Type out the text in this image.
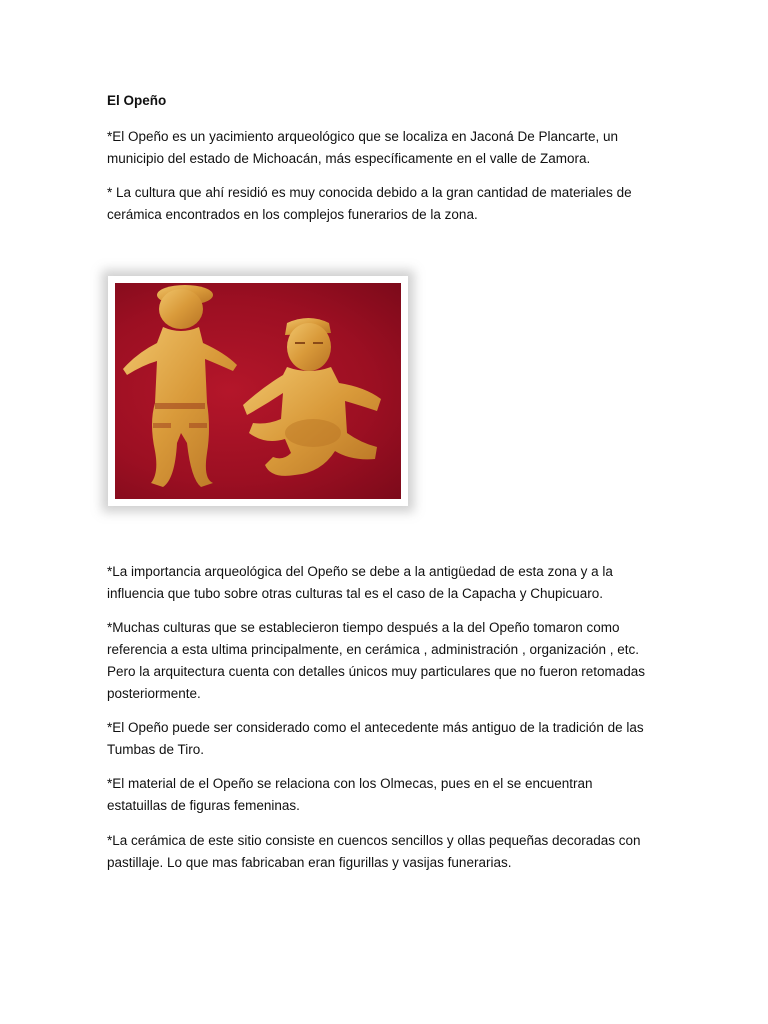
El Opeño
*El Opeño es un yacimiento arqueológico que se localiza en Jaconá De Plancarte, un
municipio del estado de Michoacán, más específicamente en el valle de Zamora.
* La cultura que ahí residió es muy conocida debido a la gran cantidad de materiales de
cerámica encontrados en los complejos funerarios de la zona.
*La importancia arqueológica del Opeño se debe a la antigüedad de esta zona y a la
influencia que tubo sobre otras culturas tal es el caso de la Capacha y Chupicuaro.
*Muchas culturas que se establecieron tiempo después a la del Opeño tomaron como
referencia a esta ultima principalmente, en cerámica , administración , organización , etc.
Pero la arquitectura cuenta con detalles únicos muy particulares que no fueron retomadas
posteriormente.
*El Opeño puede ser considerado como el antecedente más antiguo de la tradición de las
Tumbas de Tiro.
*El material de el Opeño se relaciona con los Olmecas, pues en el se encuentran
estatuillas de figuras femeninas.
*La cerámica de este sitio consiste en cuencos sencillos y ollas pequeñas decoradas con
pastillaje. Lo que mas fabricaban eran figurillas y vasijas funerarias.
